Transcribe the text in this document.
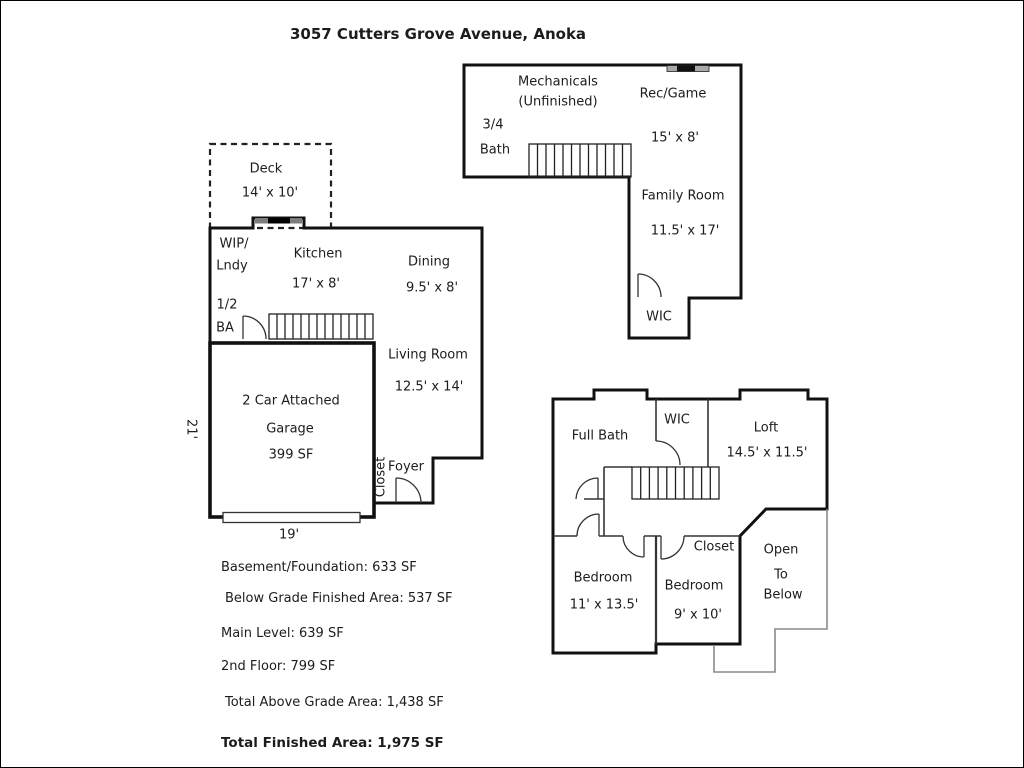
3057 Cutters Grove Avenue, Anoka
Mechanicals
(Unfinished)
Rec/Game
15' x 8'
3/4
Bath
Family Room
11.5' x 17'
WIC
Deck
14' x 10'
WIP/
Lndy
Kitchen
17' x 8'
Dining
9.5' x 8'
1/2
BA
Living Room
12.5' x 14'
2 Car Attached
Garage
399 SF
21'
19'
Closet Foyer
Full Bath
WIC
Loft
14.5' x 11.5'
Bedroom
11' x 13.5'
Bedroom
9' x 10'
Closet Open
To
Below
Basement/Foundation: 633 SF
Below Grade Finished Area: 537 SF
Main Level: 639 SF
2nd Floor: 799 SF
Total Above Grade Area: 1,438 SF
Total Finished Area: 1,975 SF
